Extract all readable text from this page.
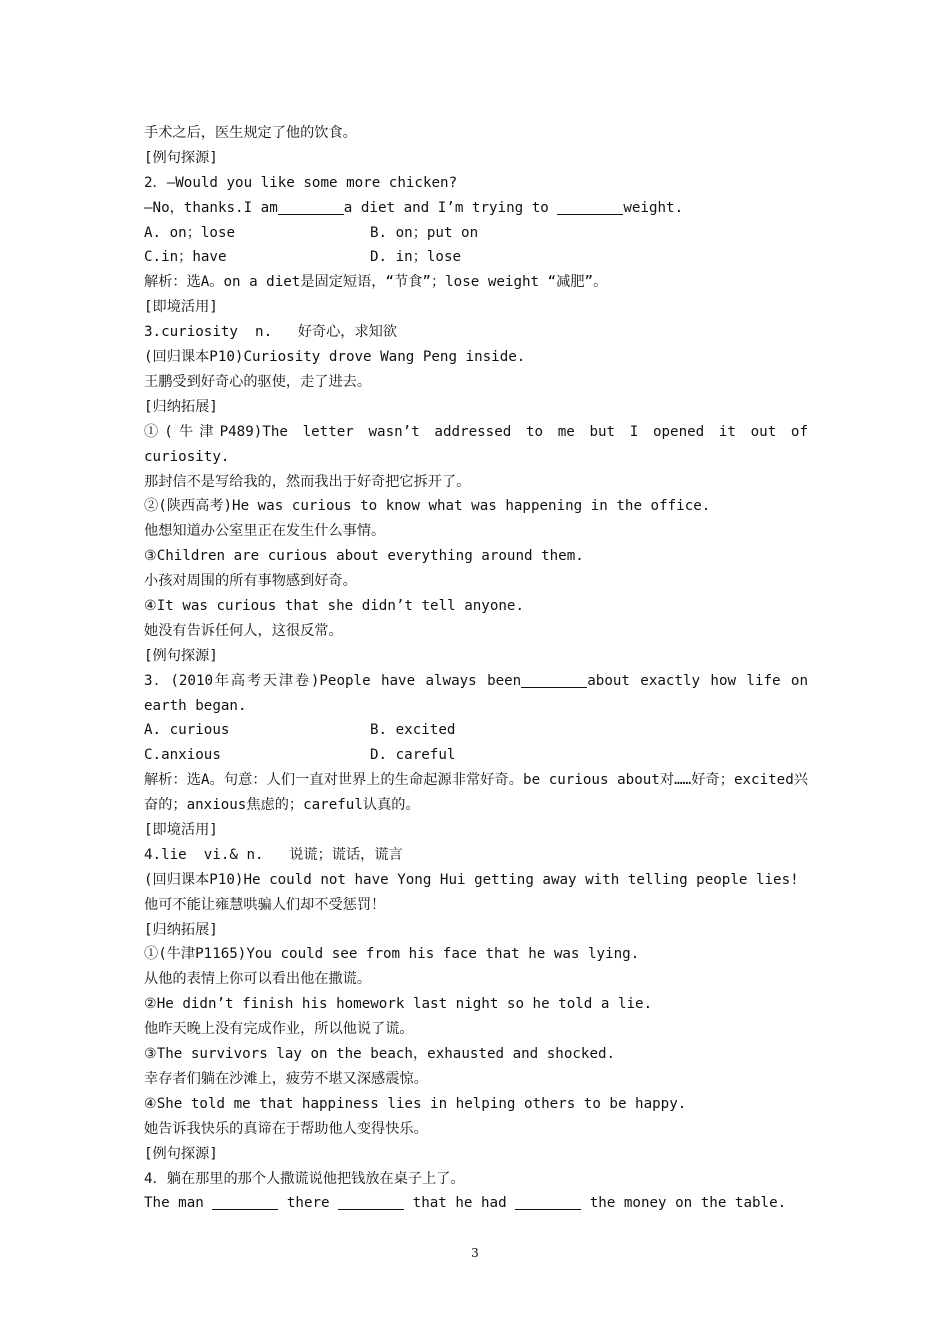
手术之后，医生规定了他的饮食。
[例句探源]
2．—Would you like some more chicken?
—No，thanks.I am	a diet and I’m trying to	weight.
A. on；lose	B. on；put on
C.in；have	D. in；lose
解析：选A。on a diet是固定短语，“节食”；lose weight “减肥”。
[即境活用]
3.curiosity  n.   好奇心，求知欲
(回归课本P10)Curiosity drove Wang Peng inside.
王鹏受到好奇心的驱使，走了进去。
[归纳拓展]
①(牛津P489)The letter wasn’t addressed to me but I opened it out of curiosity.
那封信不是写给我的，然而我出于好奇把它拆开了。
②(陕西高考)He was curious to know what was happening in the office.
他想知道办公室里正在发生什么事情。
③Children are curious about everything around them.
小孩对周围的所有事物感到好奇。
④It was curious that she didn’t tell anyone.
她没有告诉任何人，这很反常。
[例句探源]
3．(2010年高考天津卷)People have always been	about exactly how life on earth began.
A. curious	B. excited
C.anxious	D. careful
解析：选A。句意：人们一直对世界上的生命起源非常好奇。be curious about对……好奇；excited兴奋的；anxious焦虑的；careful认真的。
[即境活用]
4.lie  vi.& n.   说谎；谎话，谎言
(回归课本P10)He could not have Yong Hui getting away with telling people lies!
他可不能让雍慧哄骗人们却不受惩罚！
[归纳拓展]
①(牛津P1165)You could see from his face that he was lying.
从他的表情上你可以看出他在撒谎。
②He didn’t finish his homework last night so he told a lie.
他昨天晚上没有完成作业，所以他说了谎。
③The survivors lay on the beach，exhausted and shocked.
幸存者们躺在沙滩上，疲劳不堪又深感震惊。
④She told me that happiness lies in helping others to be happy.
她告诉我快乐的真谛在于帮助他人变得快乐。
[例句探源]
4．躺在那里的那个人撒谎说他把钱放在桌子上了。
The man	there	that he had	the money on the table.
3
